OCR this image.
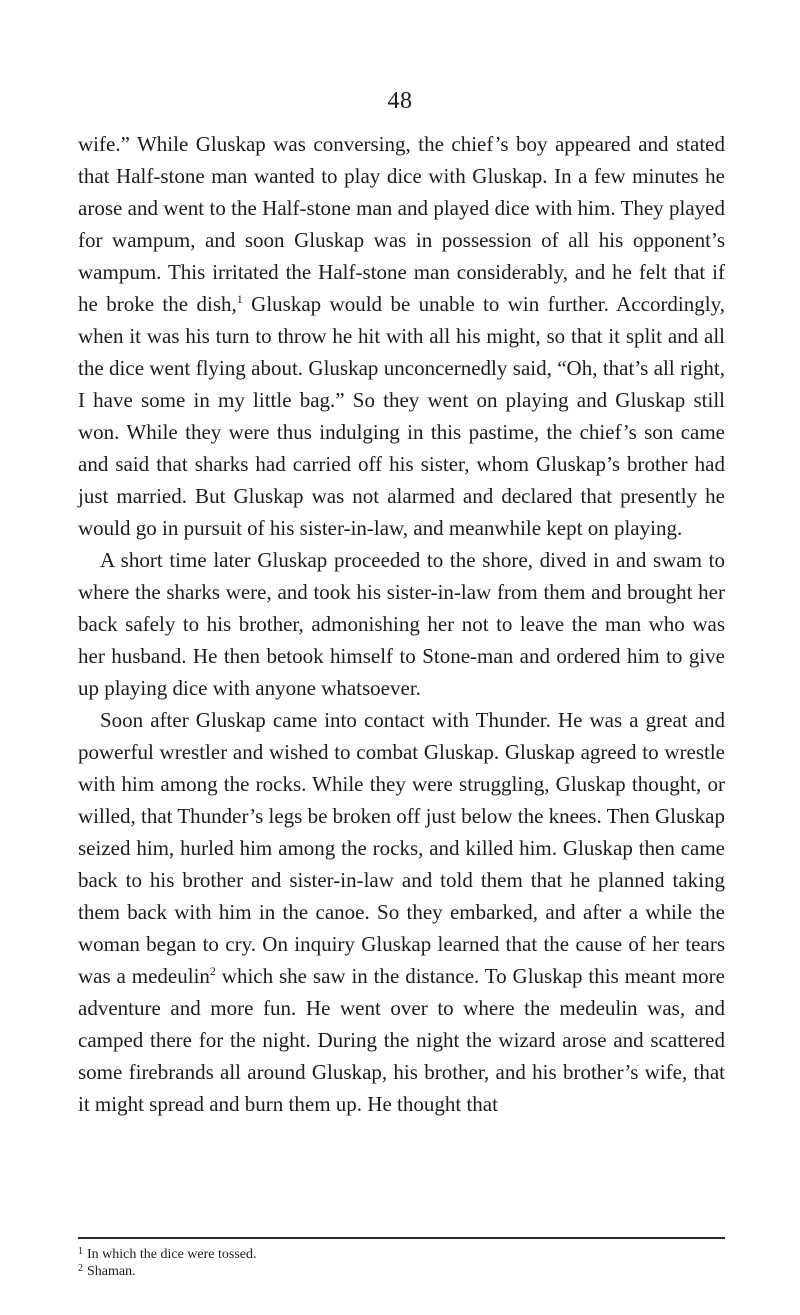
48

wife.” While Gluskap was conversing, the chief’s boy appeared and stated that Half-stone man wanted to play dice with Gluskap. In a few minutes he arose and went to the Half-stone man and played dice with him. They played for wampum, and soon Gluskap was in possession of all his opponent’s wampum. This irritated the Half-stone man considerably, and he felt that if he broke the dish,$^1$ Gluskap would be unable to win further. Accordingly, when it was his turn to throw he hit with all his might, so that it split and all the dice went flying about. Gluskap unconcernedly said, “Oh, that’s all right, I have some in my little bag.” So they went on playing and Gluskap still won. While they were thus indulging in this pastime, the chief’s son came and said that sharks had carried off his sister, whom Gluskap’s brother had just married. But Gluskap was not alarmed and declared that presently he would go in pursuit of his sister-in-law, and meanwhile kept on playing.

A short time later Gluskap proceeded to the shore, dived in and swam to where the sharks were, and took his sister-in-law from them and brought her back safely to his brother, admonishing her not to leave the man who was her husband. He then betook himself to Stone-man and ordered him to give up playing dice with anyone whatsoever.

Soon after Gluskap came into contact with Thunder. He was a great and powerful wrestler and wished to combat Gluskap. Gluskap agreed to wrestle with him among the rocks. While they were struggling, Gluskap thought, or willed, that Thunder’s legs be broken off just below the knees. Then Gluskap seized him, hurled him among the rocks, and killed him. Gluskap then came back to his brother and sister-in-law and told them that he planned taking them back with him in the canoe. So they embarked, and after a while the woman began to cry. On inquiry Gluskap learned that the cause of her tears was a medeulin$^2$ which she saw in the distance. To Gluskap this meant more adventure and more fun. He went over to where the medeulin was, and camped there for the night. During the night the wizard arose and scattered some firebrands all around Gluskap, his brother, and his brother’s wife, that it might spread and burn them up. He thought that

1 In which the dice were tossed.
2 Shaman.
